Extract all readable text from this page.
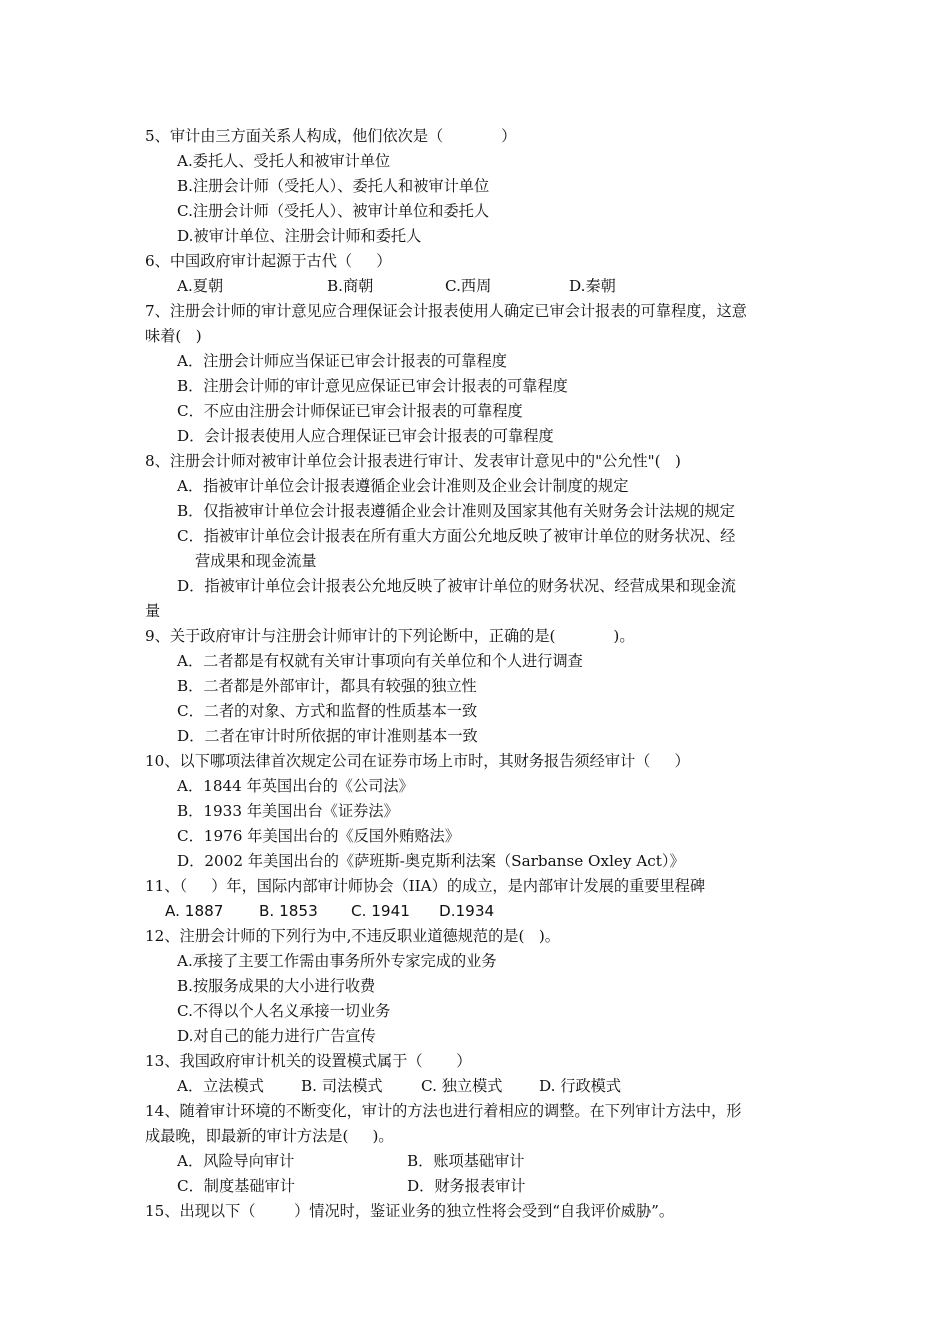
5、审计由三方面关系人构成，他们依次是（            ）
A.委托人、受托人和被审计单位
B.注册会计师（受托人）、委托人和被审计单位
C.注册会计师（受托人）、被审计单位和委托人
D.被审计单位、注册会计师和委托人
6、中国政府审计起源于古代（     ）
A.夏朝	B.商朝	C.西周	D.秦朝
7、注册会计师的审计意见应合理保证会计报表使用人确定已审会计报表的可靠程度，这意
味着(   )
A．注册会计师应当保证已审会计报表的可靠程度
B．注册会计师的审计意见应保证已审会计报表的可靠程度
C．不应由注册会计师保证已审会计报表的可靠程度
D．会计报表使用人应合理保证已审会计报表的可靠程度
8、注册会计师对被审计单位会计报表进行审计、发表审计意见中的"公允性"(   )
A．指被审计单位会计报表遵循企业会计准则及企业会计制度的规定
B．仅指被审计单位会计报表遵循企业会计准则及国家其他有关财务会计法规的规定
C．指被审计单位会计报表在所有重大方面公允地反映了被审计单位的财务状况、经
营成果和现金流量
D．指被审计单位会计报表公允地反映了被审计单位的财务状况、经营成果和现金流
量
9、关于政府审计与注册会计师审计的下列论断中，正确的是(            )。
A．二者都是有权就有关审计事项向有关单位和个人进行调查
B．二者都是外部审计，都具有较强的独立性
C．二者的对象、方式和监督的性质基本一致
D．二者在审计时所依据的审计准则基本一致
10、以下哪项法律首次规定公司在证券市场上市时，其财务报告须经审计（     ）
A．1844 年英国出台的《公司法》
B．1933 年美国出台《证券法》
C．1976 年美国出台的《反国外贿赂法》
D．2002 年美国出台的《萨班斯-奥克斯利法案（Sarbanse Oxley Act）》
11、（     ）年，国际内部审计师协会（IIA）的成立，是内部审计发展的重要里程碑
A. 1887	B. 1853	C. 1941	D.1934
12、注册会计师的下列行为中,不违反职业道德规范的是(   )。
A.承接了主要工作需由事务所外专家完成的业务
B.按服务成果的大小进行收费
C.不得以个人名义承接一切业务
D.对自己的能力进行广告宣传
13、我国政府审计机关的设置模式属于（       ）
A．立法模式	B. 司法模式	C. 独立模式	D. 行政模式
14、随着审计环境的不断变化，审计的方法也进行着相应的调整。在下列审计方法中，形
成最晚，即最新的审计方法是(     )。
A．风险导向审计	B．账项基础审计
C．制度基础审计	D．财务报表审计
15、出现以下（        ）情况时，鉴证业务的独立性将会受到“自我评价威胁”。
